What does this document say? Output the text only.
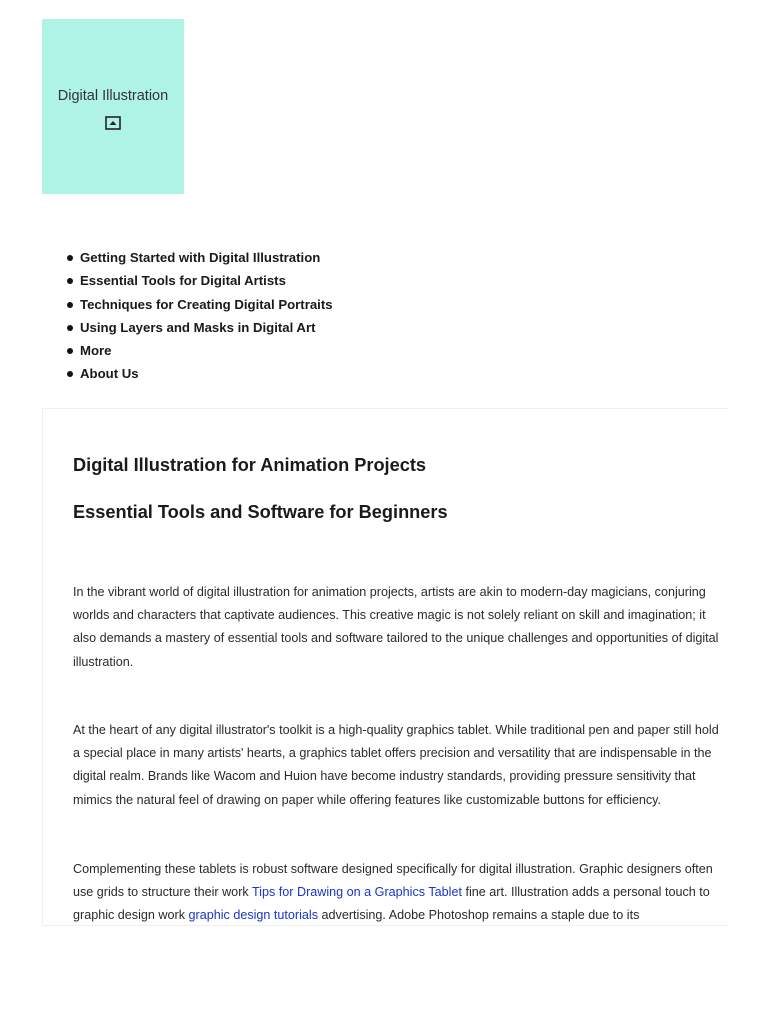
Digital Illustration
Getting Started with Digital Illustration
Essential Tools for Digital Artists
Techniques for Creating Digital Portraits
Using Layers and Masks in Digital Art
More
About Us
Digital Illustration for Animation Projects
Essential Tools and Software for Beginners

In the vibrant world of digital illustration for animation projects, artists are akin to modern-day magicians, conjuring
worlds and characters that captivate audiences. This creative magic is not solely reliant on skill and imagination; it
also demands a mastery of essential tools and software tailored to the unique challenges and opportunities of digital
illustration.

At the heart of any digital illustrator's toolkit is a high-quality graphics tablet. While traditional pen and paper still hold
a special place in many artists' hearts, a graphics tablet offers precision and versatility that are indispensable in the
digital realm. Brands like Wacom and Huion have become industry standards, providing pressure sensitivity that
mimics the natural feel of drawing on paper while offering features like customizable buttons for efficiency.

Complementing these tablets is robust software designed specifically for digital illustration. Graphic designers often
use grids to structure their work Tips for Drawing on a Graphics Tablet fine art. Illustration adds a personal touch to
graphic design work graphic design tutorials advertising. Adobe Photoshop remains a staple due to its
